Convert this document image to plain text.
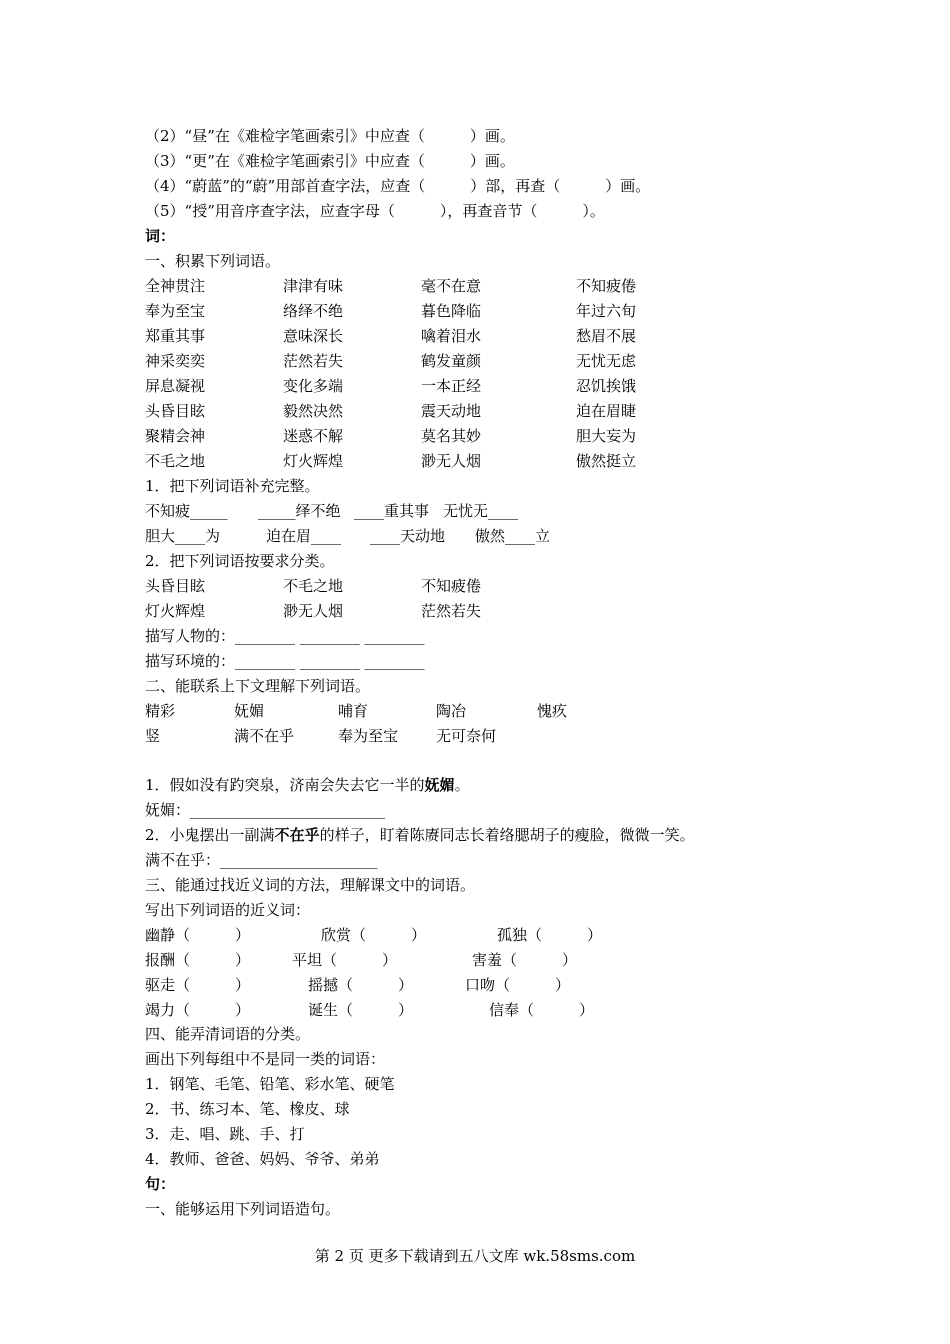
（2）“昼”在《难检字笔画索引》中应查（　　　）画。
（3）“更”在《难检字笔画索引》中应查（　　　）画。
（4）“蔚蓝”的“蔚”用部首查字法，应查（　　　）部，再查（　　　）画。
（5）“授”用音序查字法，应查字母（　　　），再查音节（　　　）。
词：
一、积累下列词语。
全神贯注	津津有味	毫不在意	不知疲倦
奉为至宝	络绎不绝	暮色降临	年过六旬
郑重其事	意味深长	噙着泪水	愁眉不展
神采奕奕	茫然若失	鹤发童颜	无忧无虑
屏息凝视	变化多端	一本正经	忍饥挨饿
头昏目眩	毅然决然	震天动地	迫在眉睫
聚精会神	迷惑不解	莫名其妙	胆大妄为
不毛之地	灯火辉煌	渺无人烟	傲然挺立
1．把下列词语补充完整。
不知疲_____ _____绎不绝 ____重其事 无忧无____
胆大____为	迫在眉____ ____天动地 傲然____立
2．把下列词语按要求分类。
头昏目眩	不毛之地	不知疲倦
灯火辉煌	渺无人烟	茫然若失
描写人物的：________ ________ ________
描写环境的：________ ________ ________
二、能联系上下文理解下列词语。
精彩	妩媚	哺育	陶冶	愧疚
竖	满不在乎	奉为至宝	无可奈何
1．假如没有趵突泉，济南会失去它一半的妩媚。
妩媚：__________________________
2．小鬼摆出一副满不在乎的样子，盯着陈赓同志长着络腮胡子的瘦脸，微微一笑。
满不在乎：_____________________
三、能通过找近义词的方法，理解课文中的词语。
写出下列词语的近义词：
幽静（　　　）	欣赏（　　　）	孤独（　　　）
报酬（　　　）	平坦（　　　）	害羞（　　　）
驱走（　　　）	摇撼（　　　）	口吻（　　　）
竭力（　　　）	诞生（　　　）	信奉（　　　）
四、能弄清词语的分类。
画出下列每组中不是同一类的词语：
1．钢笔、毛笔、铅笔、彩水笔、硬笔
2．书、练习本、笔、橡皮、球
3．走、唱、跳、手、打
4．教师、爸爸、妈妈、爷爷、弟弟
句：
一、能够运用下列词语造句。
第 2 页 更多下载请到五八文库 wk.58sms.com
